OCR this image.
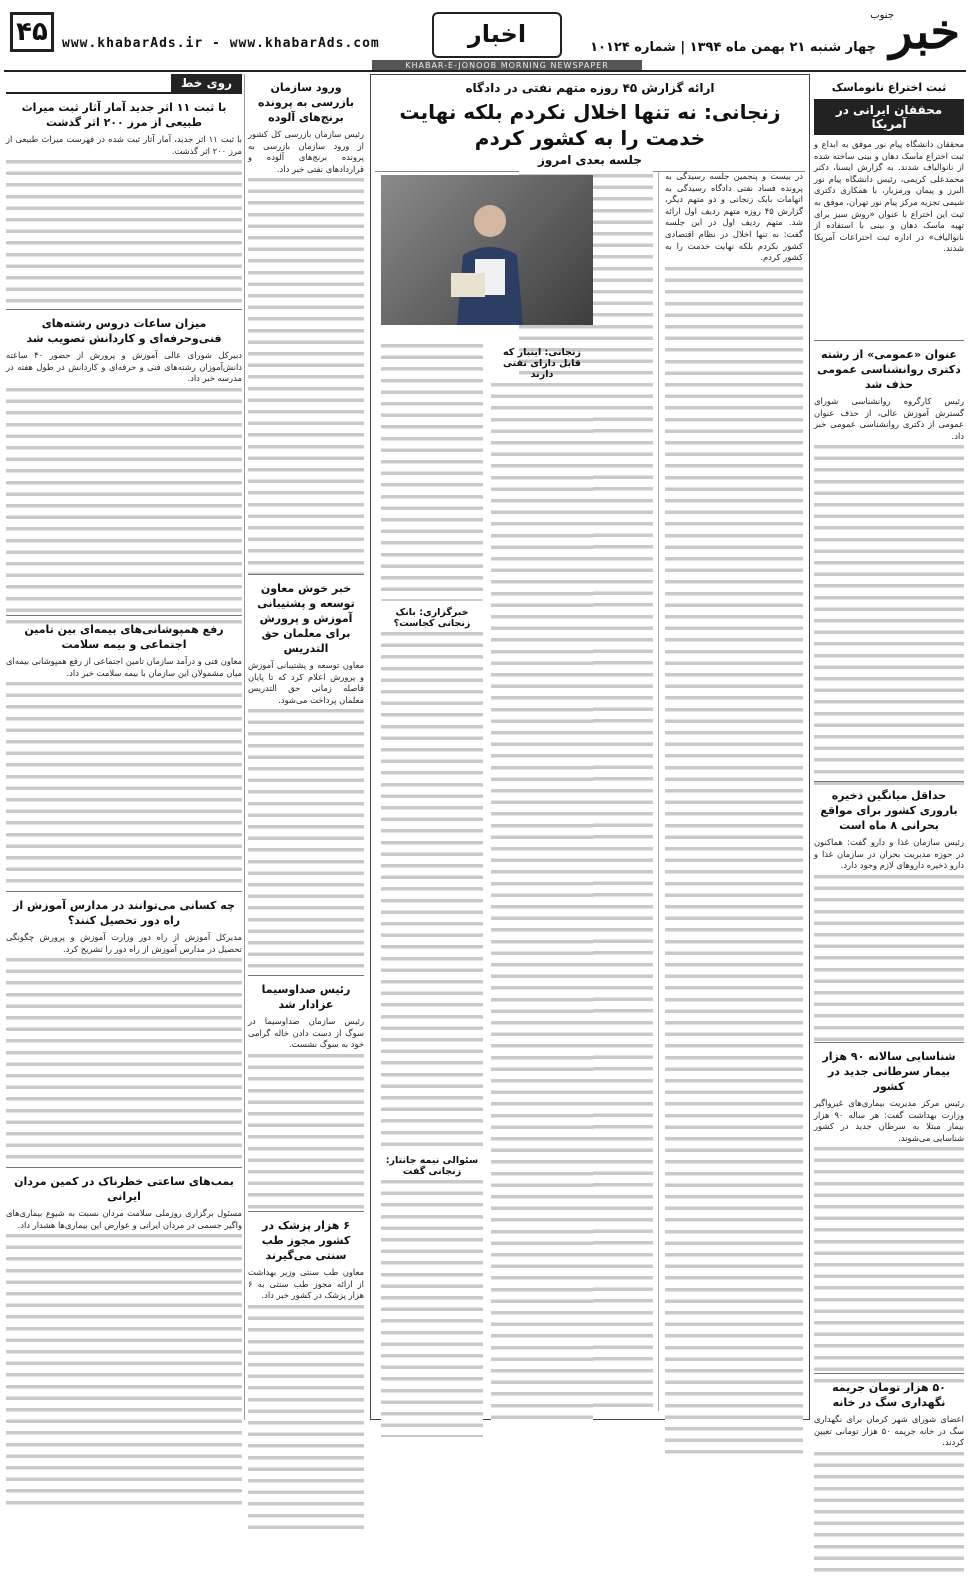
۴۵	www.khabarAds.ir - www.khabarAds.com	اخبار
KHABAR-E-JONOOB MORNING NEWSPAPER
چهار شنبه ۲۱ بهمن ماه ۱۳۹۴ | شماره ۱۰۱۲۴ خبر
جنوب
ثبت اختراع نانوماسک
محققان ایرانی در آمریکا
محققان دانشگاه پیام نور موفق به ابداع و ثبت اختراع ماسک دهان و بینی ساخته شده از نانوالیاف شدند. به گزارش ایسنا، دکتر محمدعلی کریمی، رئیس دانشگاه پیام نور البرز و پیمان ورمزیار، با همکاری دکتری شیمی تجزیه مرکز پیام نور تهران، موفق به ثبت این اختراع با عنوان «روش سیز برای تهیه ماسک دهان و بینی با استفاده از نانوالیاف» در اداره ثبت اختراعات آمریکا شدند.
عنوان «عمومی» از رشته دکتری روانشناسی عمومی حذف شد
رئیس کارگروه روانشناسی شورای گسترش آموزش عالی، از حذف عنوان عمومی از دکتری روانشناسی عمومی خبر داد.
حداقل میانگین ذخیره باروری کشور برای مواقع بحرانی ۸ ماه است
رئیس سازمان غذا و دارو گفت: هماکنون در حوزه مدیریت بحران در سازمان غذا و دارو ذخیره داروهای لازم وجود دارد.
شناسایی سالانه ۹۰ هزار بیمار سرطانی جدید در کشور
رئیس مرکز مدیریت بیماری‌های غیرواگیر وزارت بهداشت گفت: هر ساله ۹۰ هزار بیمار مبتلا به سرطان جدید در کشور شناسایی می‌شوند.
۵۰ هزار تومان جریمه نگهداری سگ در خانه
اعضای شورای شهر کرمان برای نگهداری سگ در خانه جریمه ۵۰ هزار تومانی تعیین کردند.
ارائه گزارش ۴۵ روزه متهم نفتی در دادگاه
زنجانی: نه تنها اخلال نکردم بلکه نهایت خدمت را به کشور کردم
جلسه بعدی امروز
در بیست و پنجمین جلسه رسیدگی به پرونده فساد نفتی دادگاه رسیدگی به اتهامات بابک زنجانی و دو متهم دیگر، گزارش ۴۵ روزه متهم ردیف اول ارائه شد. متهم ردیف اول در این جلسه گفت: نه تنها اخلال در نظام اقتصادی کشور نکردم بلکه نهایت خدمت را به کشور کردم.
زنجانی: اینبار که قابل دارای نفتی دارند
خبرگزاری: بانک زنجانی کجاست؟
سئوالی نیمه جانتار: زنجانی گفت
ورود سازمان بازرسی به پرونده برنج‌های آلوده
رئیس سازمان بازرسی کل کشور از ورود سازمان بازرسی به پرونده برنج‌های آلوده و قراردادهای نفتی خبر داد.
خبر خوش معاون توسعه و پشتیبانی آموزش و پرورش برای معلمان حق التدریس
معاون توسعه و پشتیبانی آموزش و پرورش اعلام کرد که تا پایان فاصله زمانی حق التدریس معلمان پرداخت می‌شود.
رئیس صداوسیما عزادار شد
رئیس سازمان صداوسیما در سوگ از دست دادن خاله گرامی خود به سوگ نشست.
۶ هزار پزشک در کشور مجوز طب سنتی می‌گیرند
معاون طب سنتی وزیر بهداشت از ارائه مجوز طب سنتی به ۶ هزار پزشک در کشور خبر داد.
روی خط
با ثبت ۱۱ اثر جدید آمار آثار ثبت میراث طبیعی از مرز ۲۰۰ اثر گذشت
با ثبت ۱۱ اثر جدید، آمار آثار ثبت شده در فهرست میراث طبیعی از مرز ۲۰۰ اثر گذشت.
میزان ساعات دروس رشته‌های فنی‌وحرفه‌ای و کاردانش تصویب شد
دبیرکل شورای عالی آموزش و پرورش از حضور ۴۰ ساعته دانش‌آموزان رشته‌های فنی و حرفه‌ای و کاردانش در طول هفته در مدرسه خبر داد.
رفع همپوشانی‌های بیمه‌ای بین تامین اجتماعی و بیمه سلامت
معاون فنی و درآمد سازمان تامین اجتماعی از رفع همپوشانی بیمه‌ای میان مشمولان این سازمان با بیمه سلامت خبر داد.
چه کسانی می‌توانند در مدارس آموزش از راه دور تحصیل کنند؟
مدیرکل آموزش از راه دور وزارت آموزش و پرورش چگونگی تحصیل در مدارس آموزش از راه دور را تشریح کرد.
بمب‌های ساعتی خطرناک در کمین مردان ایرانی
مسئول برگزاری روزملی سلامت مردان نسبت به شیوع بیماری‌های واگیر جسمی در مردان ایرانی و عوارض این بیماری‌ها هشدار داد.
